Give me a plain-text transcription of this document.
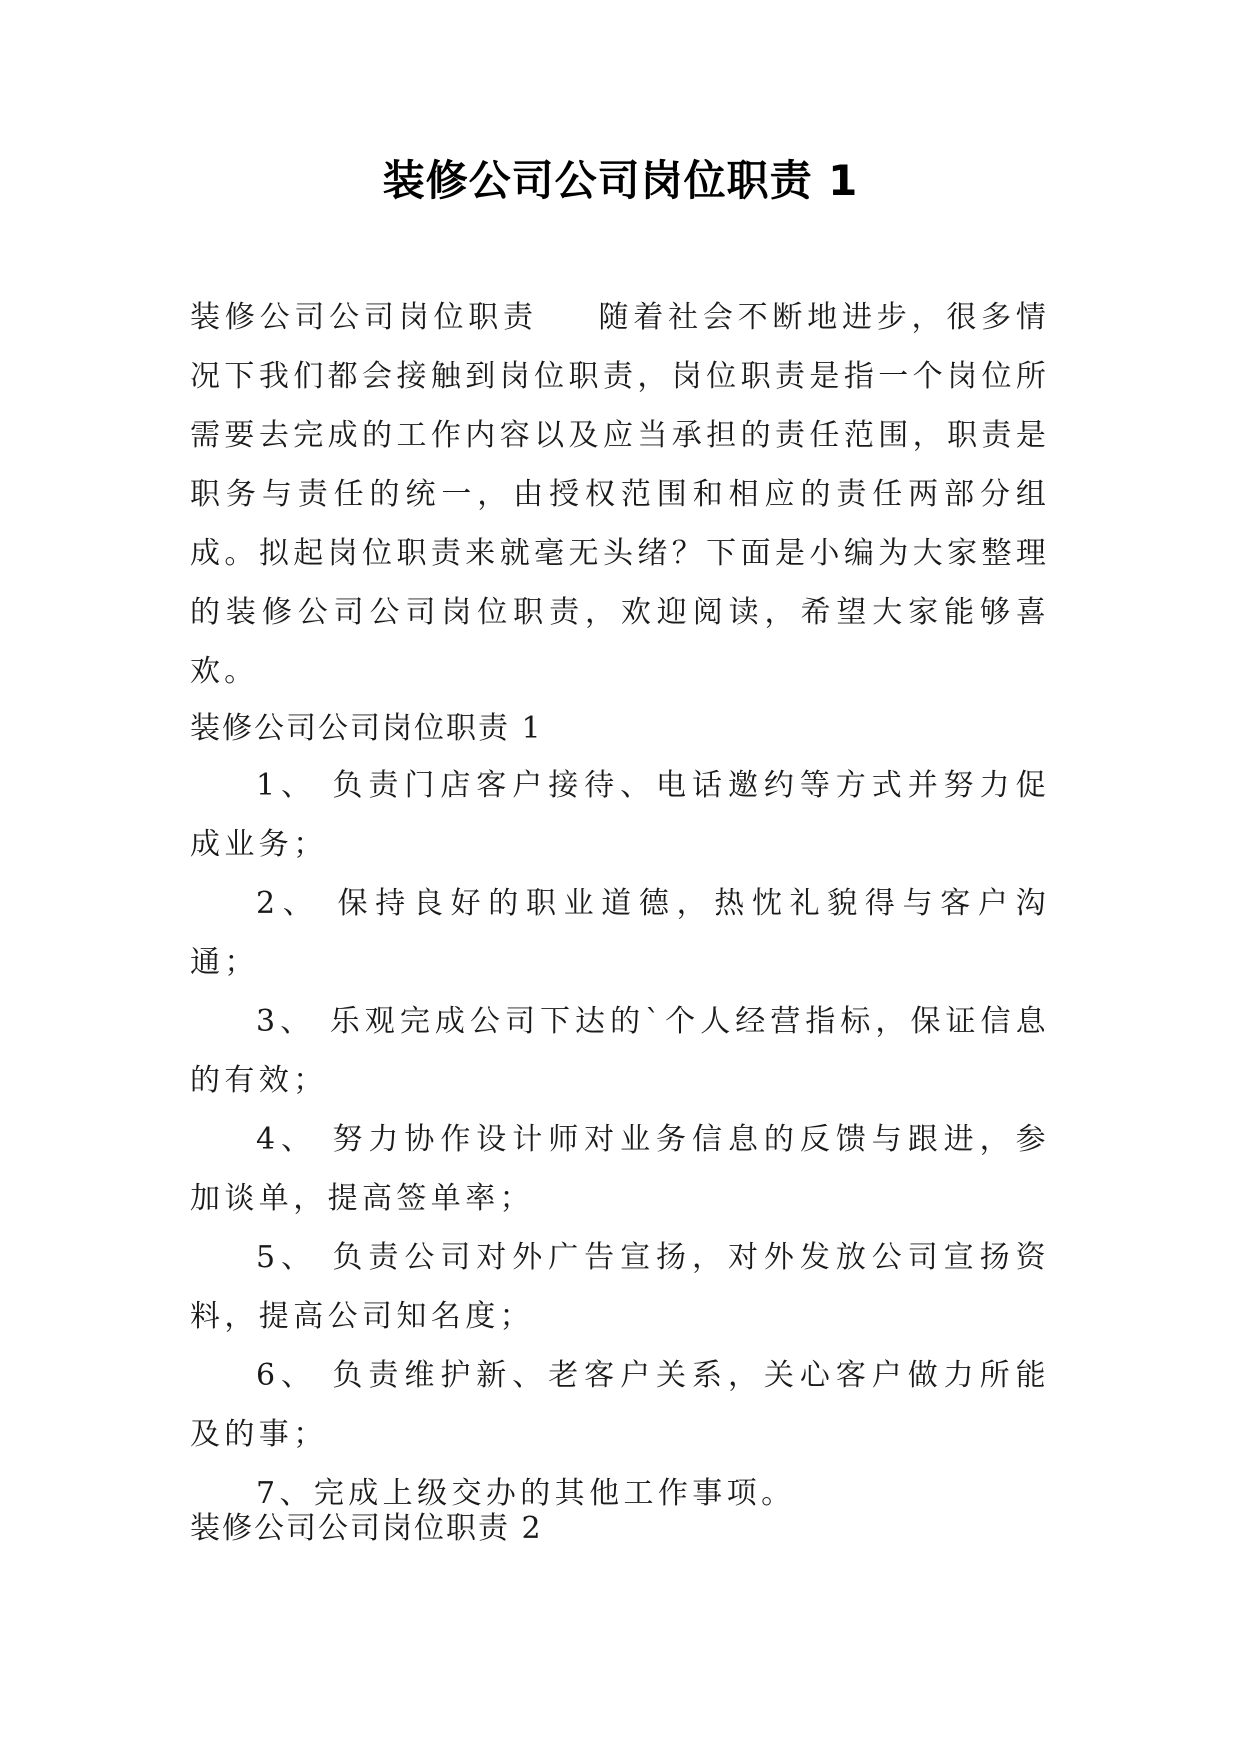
装修公司公司岗位职责 1

装修公司公司岗位职责 随着社会不断地进步，很多情况下我们都会接触到岗位职责，岗位职责是指一个岗位所需要去完成的工作内容以及应当承担的责任范围，职责是职务与责任的统一，由授权范围和相应的责任两部分组成。拟起岗位职责来就毫无头绪？下面是小编为大家整理的装修公司公司岗位职责，欢迎阅读，希望大家能够喜欢。

装修公司公司岗位职责 1

1、 负责门店客户接待、电话邀约等方式并努力促成业务；
2、 保持良好的职业道德，热忱礼貌得与客户沟通；
3、 乐观完成公司下达的`个人经营指标，保证信息的有效；
4、 努力协作设计师对业务信息的反馈与跟进，参加谈单，提高签单率；
5、 负责公司对外广告宣扬，对外发放公司宣扬资料，提高公司知名度；
6、 负责维护新、老客户关系，关心客户做力所能及的事；
7、完成上级交办的其他工作事项。

装修公司公司岗位职责 2
